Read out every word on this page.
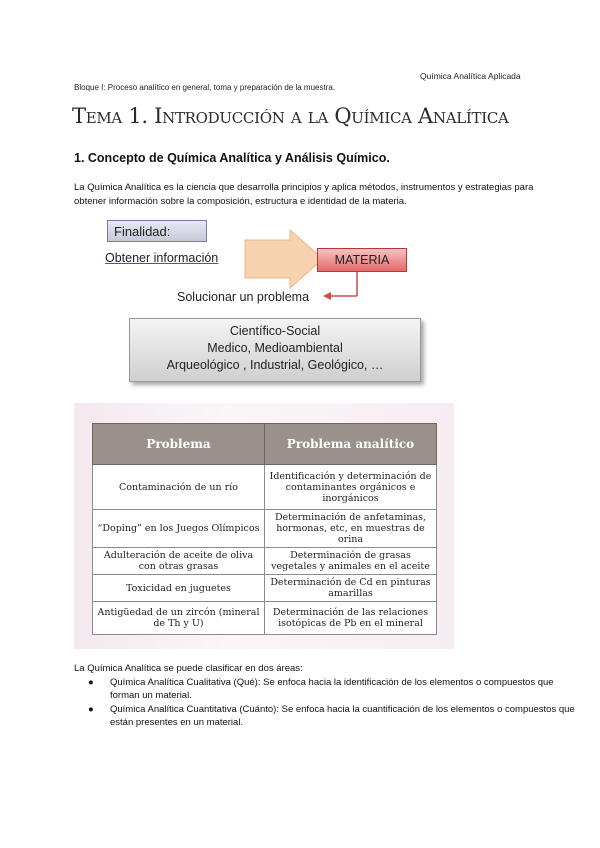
Química Analítica Aplicada
Bloque I: Proceso analítico en general, toma y preparación de la muestra.
Tema 1. Introducción a la Química Analítica
1. Concepto de Química Analítica y Análisis Químico.
La Química Analítica es la ciencia que desarrolla principios y aplica métodos, instrumentos y estrategias para obtener información sobre la composición, estructura e identidad de la materia.
Finalidad:
Obtener información	MATERIA
Solucionar un problema
Científico-Social
Medico, Medioambiental
Arqueológico , Industrial, Geológico, …
Problema	Problema analítico
Contaminación de un río	Identificación y determinación de contaminantes orgánicos e inorgánicos
“Doping” en los Juegos Olímpicos	Determinación de anfetaminas, hormonas, etc, en muestras de orina
Adulteración de aceite de oliva con otras grasas	Determinación de grasas vegetales y animales en el aceite
Toxicidad en juguetes	Determinación de Cd en pinturas amarillas
Antigüedad de un zircón (mineral de Th y U)	Determinación de las relaciones isotópicas de Pb en el mineral
La Química Analítica se puede clasificar en dos áreas:
● Química Analítica Cualitativa (Qué): Se enfoca hacia la identificación de los elementos o compuestos que forman un material.
● Química Analítica Cuantitativa (Cuánto): Se enfoca hacia la cuantificación de los elementos o compuestos que están presentes en un material.
